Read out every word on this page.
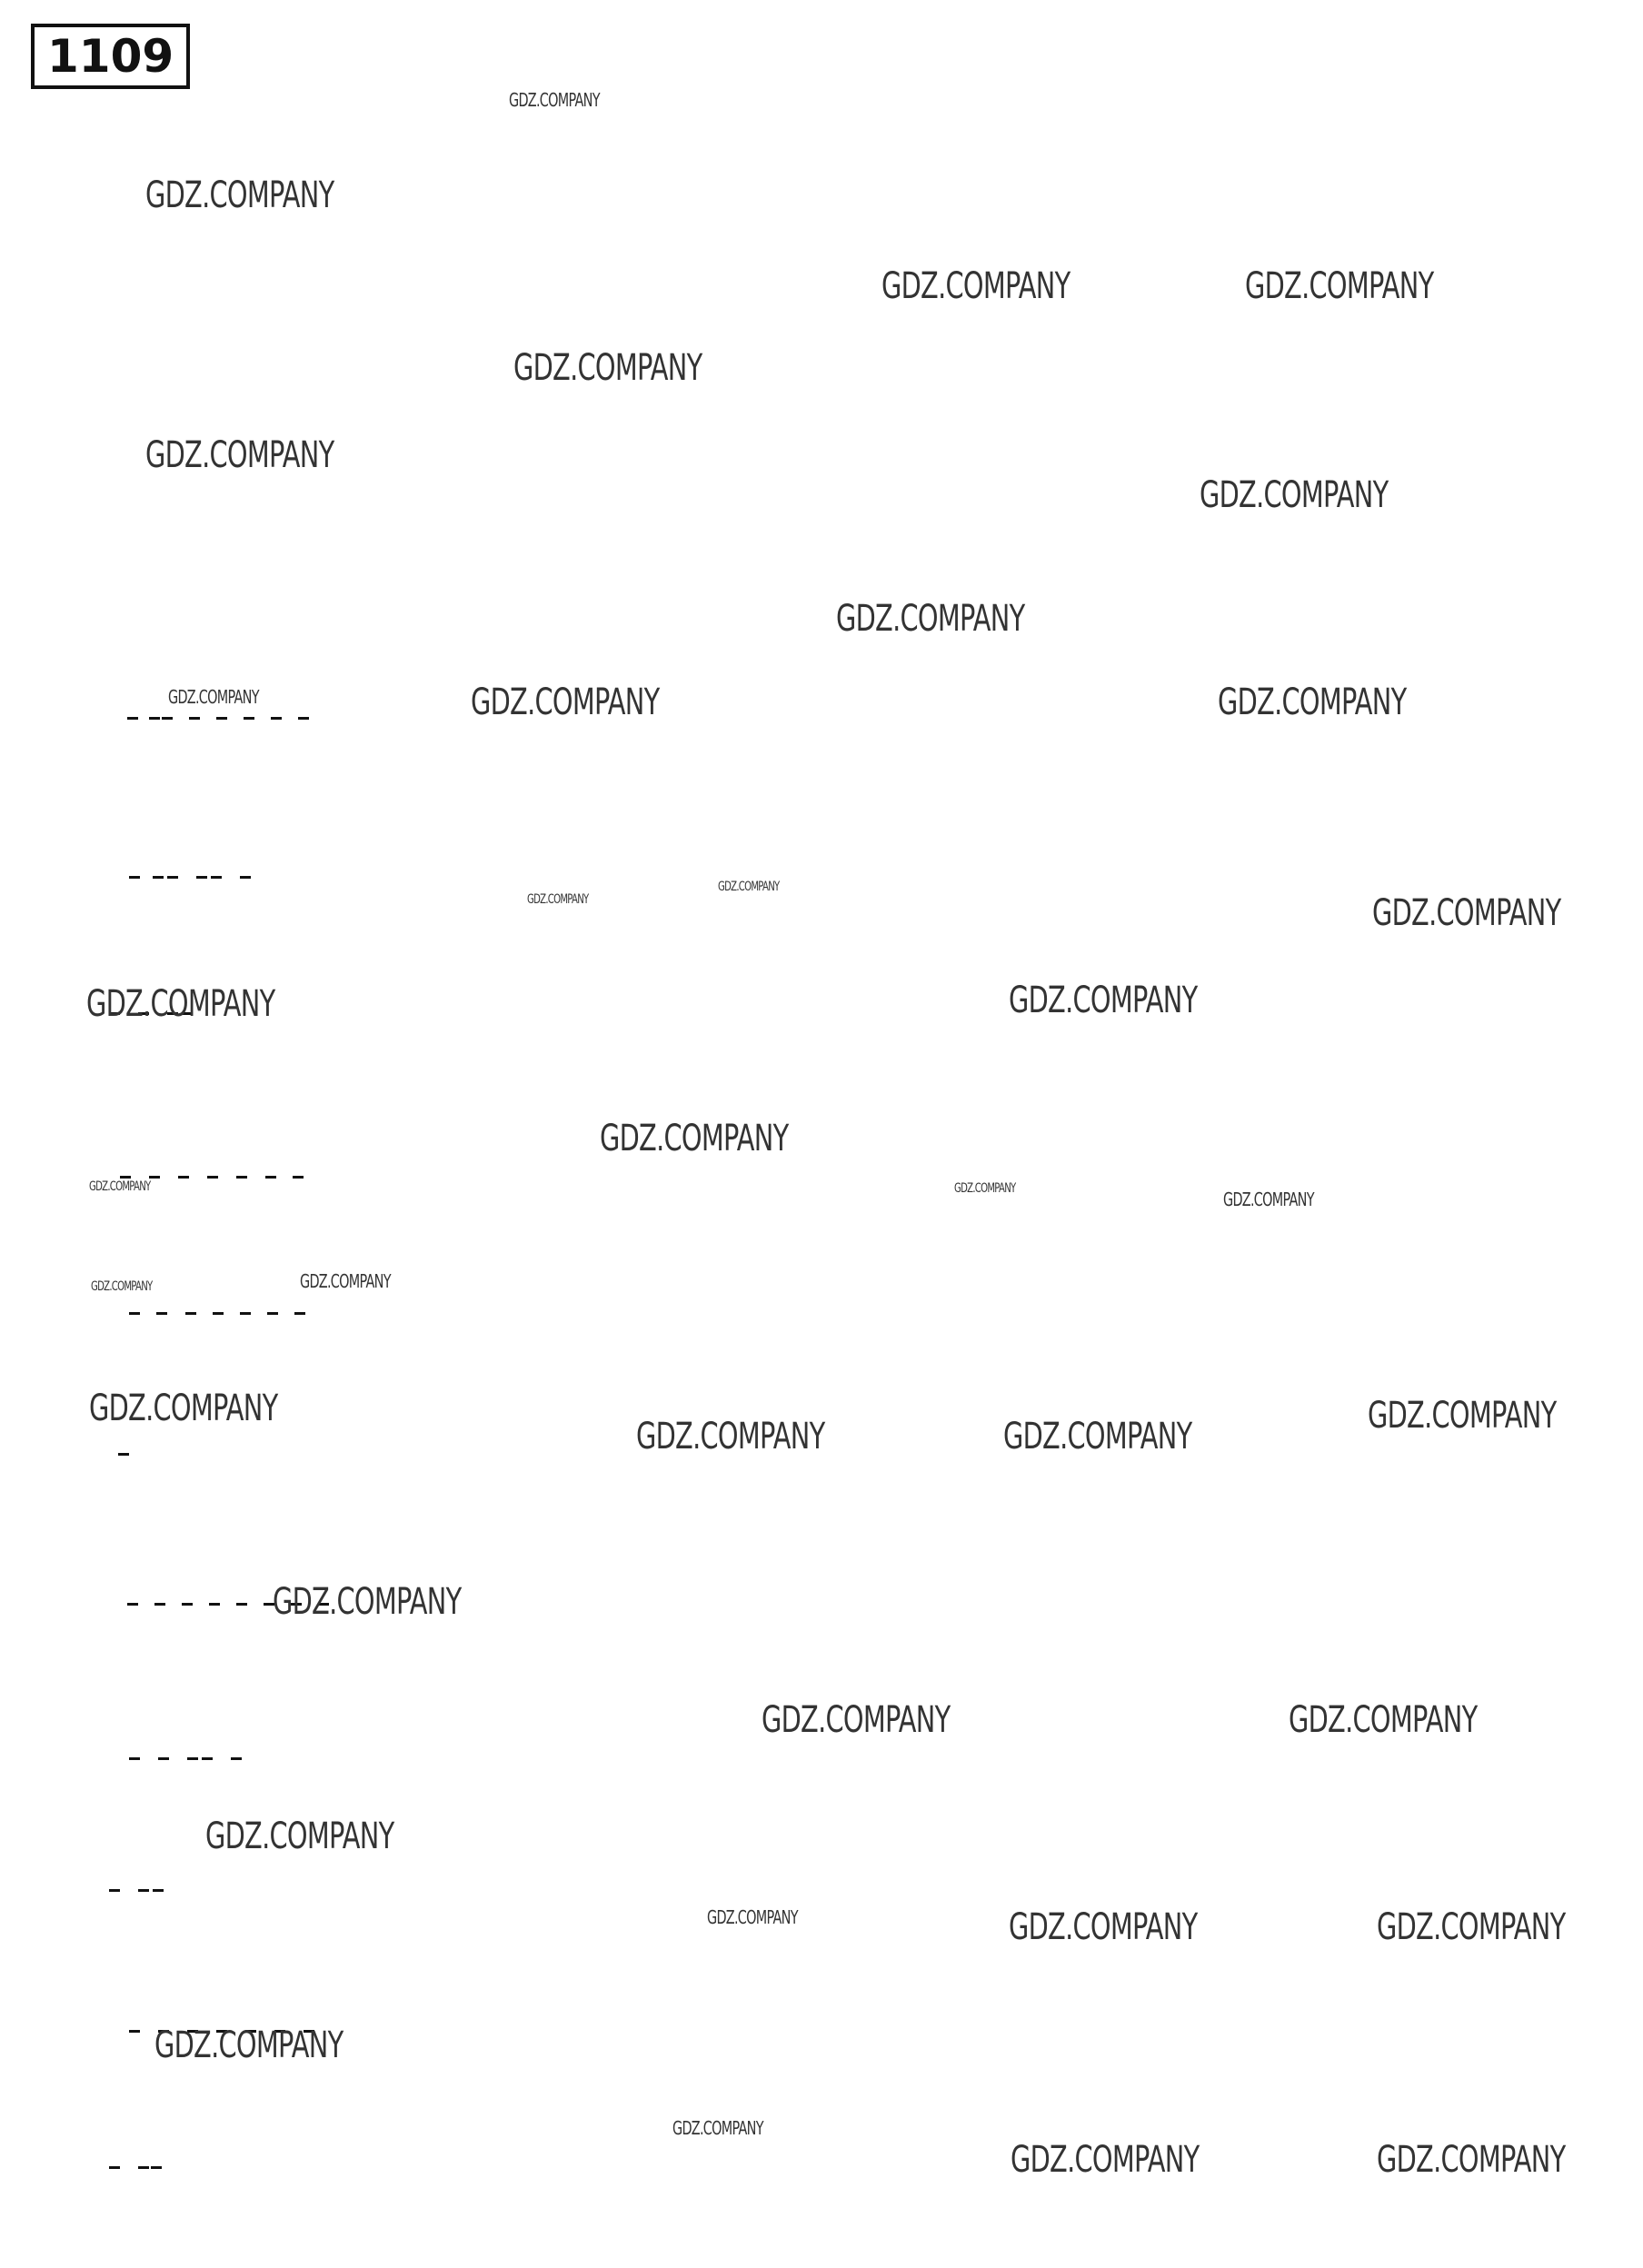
1109
GDZ.COMPANY
GDZ.COMPANY
GDZ.COMPANY	GDZ.COMPANY
GDZ.COMPANY
GDZ.COMPANY
GDZ.COMPANY
GDZ.COMPANY
GDZ.COMPANY	GDZ.COMPANY	GDZ.COMPANY
GDZ.COMPANY
GDZ.COMPANY
GDZ.COMPANY
GDZ.COMPANY	GDZ.COMPANY
GDZ.COMPANY
GDZ.COMPANY
GDZ.COMPANY
GDZ.COMPANY
GDZ.COMPANY
GDZ.COMPANY
GDZ.COMPANY
GDZ.COMPANY	GDZ.COMPANY	GDZ.COMPANY
GDZ.COMPANY
GDZ.COMPANY	GDZ.COMPANY
GDZ.COMPANY
GDZ.COMPANY	GDZ.COMPANY	GDZ.COMPANY
GDZ.COMPANY
GDZ.COMPANY
GDZ.COMPANY	GDZ.COMPANY
